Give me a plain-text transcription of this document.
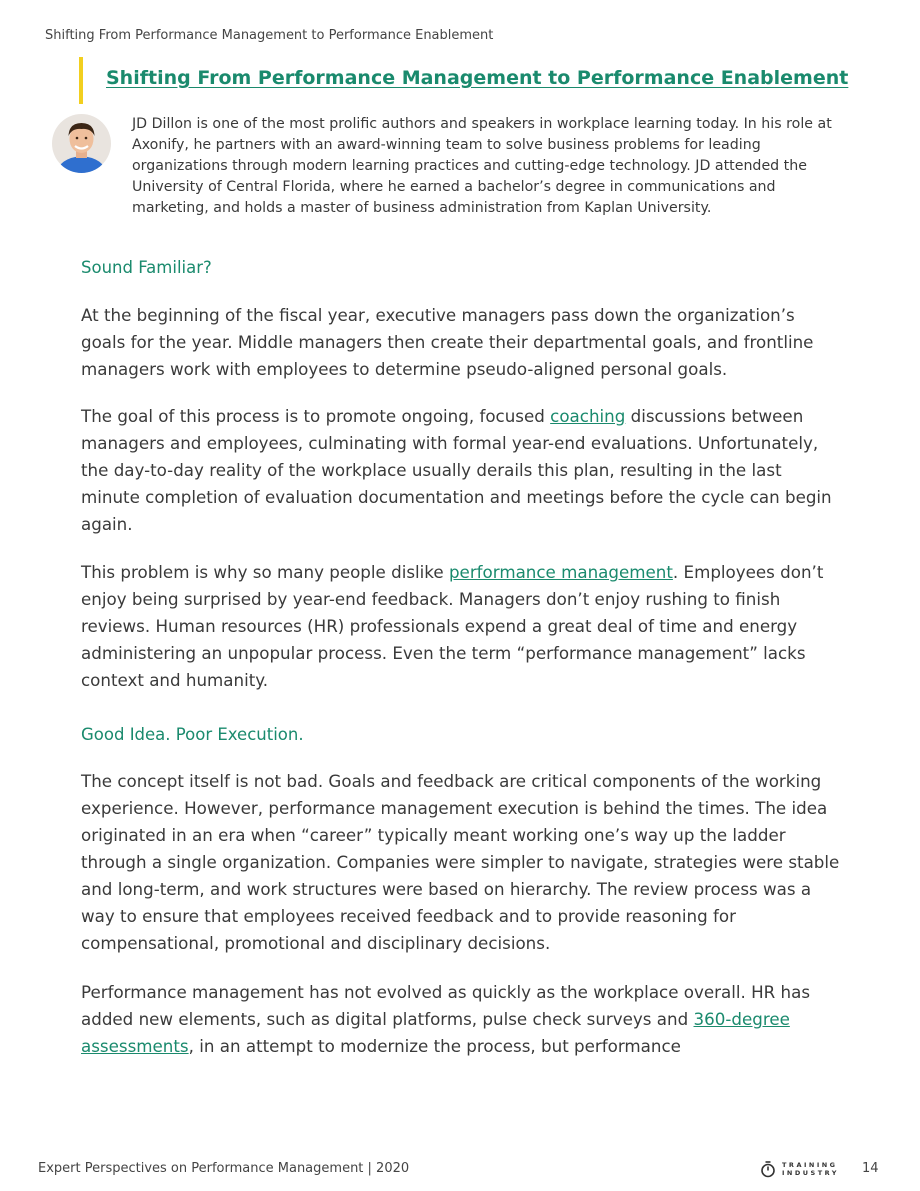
Shifting From Performance Management to Performance Enablement
Shifting From Performance Management to Performance Enablement
JD Dillon is one of the most prolific authors and speakers in workplace learning today. In his role at Axonify, he partners with an award-winning team to solve business problems for leading organizations through modern learning practices and cutting-edge technology. JD attended the University of Central Florida, where he earned a bachelor’s degree in communications and marketing, and holds a master of business administration from Kaplan University.
Sound Familiar?

At the beginning of the fiscal year, executive managers pass down the organization’s goals for the year. Middle managers then create their departmental goals, and frontline managers work with employees to determine pseudo-aligned personal goals.

The goal of this process is to promote ongoing, focused coaching discussions between managers and employees, culminating with formal year-end evaluations. Unfortunately, the day-to-day reality of the workplace usually derails this plan, resulting in the last minute completion of evaluation documentation and meetings before the cycle can begin again.

This problem is why so many people dislike performance management. Employees don’t enjoy being surprised by year-end feedback. Managers don’t enjoy rushing to finish reviews. Human resources (HR) professionals expend a great deal of time and energy administering an unpopular process. Even the term “performance management” lacks context and humanity.

Good Idea. Poor Execution.

The concept itself is not bad. Goals and feedback are critical components of the working experience. However, performance management execution is behind the times. The idea originated in an era when “career” typically meant working one’s way up the ladder through a single organization. Companies were simpler to navigate, strategies were stable and long-term, and work structures were based on hierarchy. The review process was a way to ensure that employees received feedback and to provide reasoning for compensational, promotional and disciplinary decisions.

Performance management has not evolved as quickly as the workplace overall. HR has added new elements, such as digital platforms, pulse check surveys and 360-degree assessments, in an attempt to modernize the process, but performance

Expert Perspectives on Performance Management | 2020	TRAINING
INDUSTRY 14
